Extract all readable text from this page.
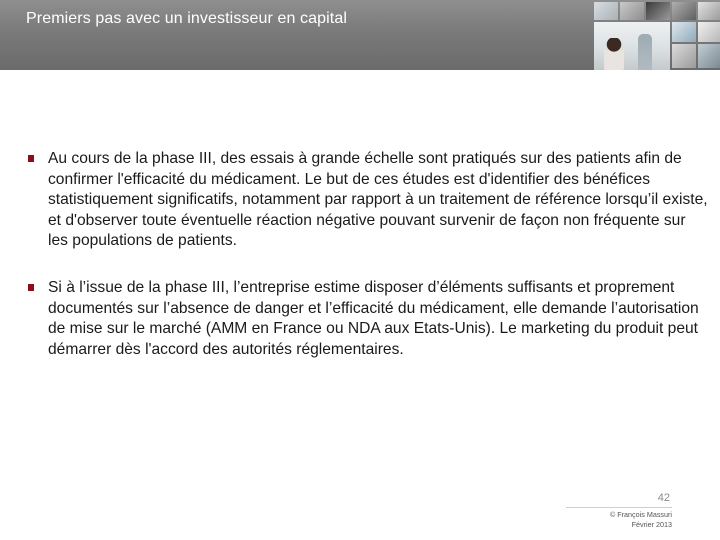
Premiers pas avec un investisseur en capital
Au cours de la phase III, des essais à grande échelle sont pratiqués sur des patients afin de confirmer l'efficacité du médicament. Le but de ces études est d'identifier des bénéfices statistiquement significatifs, notamment par rapport à un traitement de référence lorsqu’il existe, et d'observer toute éventuelle réaction négative pouvant survenir de façon non fréquente sur les populations de patients.
Si à l’issue de la phase III, l’entreprise estime disposer d’éléments suffisants et proprement documentés sur l’absence de danger et l’efficacité du médicament, elle demande l’autorisation de mise sur le marché (AMM en France ou NDA aux Etats-Unis). Le marketing du produit peut démarrer dès l'accord des autorités réglementaires.
42
© François Massuri
Février 2013
